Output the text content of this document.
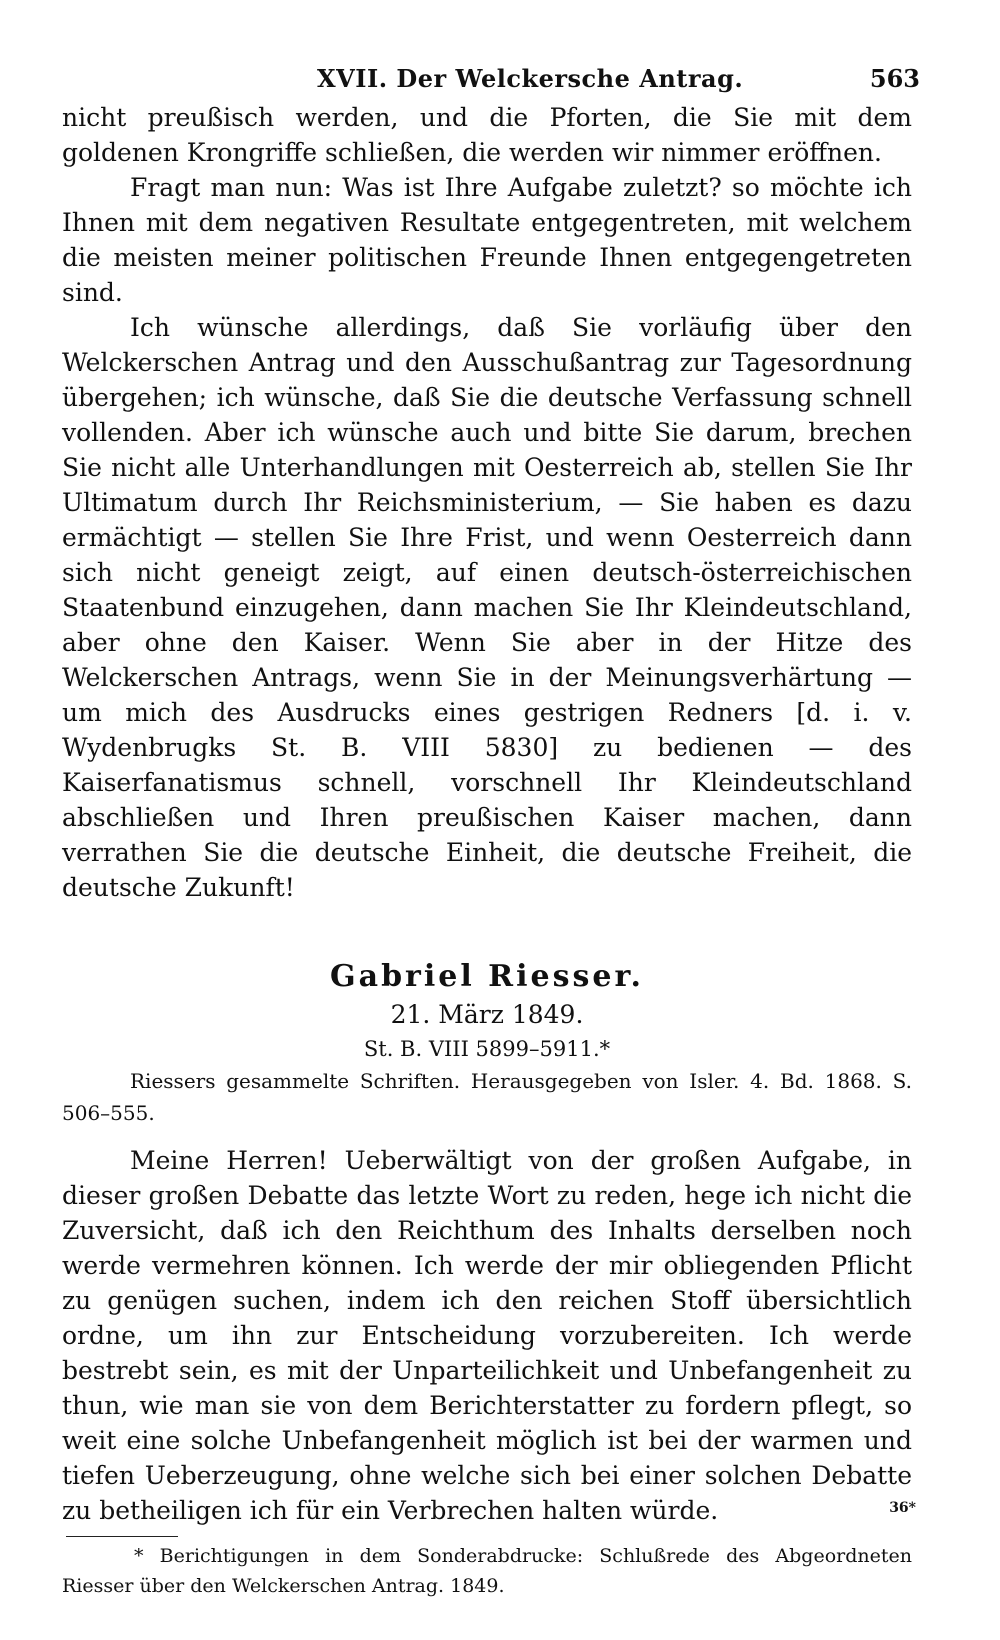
XVII. Der Welckersche Antrag.	563

nicht preußisch werden, und die Pforten, die Sie mit dem goldenen Krongriffe schließen, die werden wir nimmer eröffnen.

Fragt man nun: Was ist Ihre Aufgabe zuletzt? so möchte ich Ihnen mit dem negativen Resultate entgegentreten, mit welchem die meisten meiner politischen Freunde Ihnen entgegengetreten sind.

Ich wünsche allerdings, daß Sie vorläufig über den Welckerschen Antrag und den Ausschußantrag zur Tagesordnung übergehen; ich wünsche, daß Sie die deutsche Verfassung schnell vollenden. Aber ich wünsche auch und bitte Sie darum, brechen Sie nicht alle Unterhandlungen mit Oesterreich ab, stellen Sie Ihr Ultimatum durch Ihr Reichsministerium, — Sie haben es dazu ermächtigt — stellen Sie Ihre Frist, und wenn Oesterreich dann sich nicht geneigt zeigt, auf einen deutsch-österreichischen Staatenbund einzugehen, dann machen Sie Ihr Kleindeutschland, aber ohne den Kaiser. Wenn Sie aber in der Hitze des Welckerschen Antrags, wenn Sie in der Meinungsverhärtung — um mich des Ausdrucks eines gestrigen Redners [d. i. v. Wydenbrugks St. B. VIII 5830] zu bedienen — des Kaiserfanatismus schnell, vorschnell Ihr Kleindeutschland abschließen und Ihren preußischen Kaiser machen, dann verrathen Sie die deutsche Einheit, die deutsche Freiheit, die deutsche Zukunft!

Gabriel Riesser.

21. März 1849.

St. B. VIII 5899–5911.*

Riessers gesammelte Schriften. Herausgegeben von Isler. 4. Bd. 1868. S. 506–555.

Meine Herren! Ueberwältigt von der großen Aufgabe, in dieser großen Debatte das letzte Wort zu reden, hege ich nicht die Zuversicht, daß ich den Reichthum des Inhalts derselben noch werde vermehren können. Ich werde der mir obliegenden Pflicht zu genügen suchen, indem ich den reichen Stoff übersichtlich ordne, um ihn zur Entscheidung vorzubereiten. Ich werde bestrebt sein, es mit der Unparteilichkeit und Unbefangenheit zu thun, wie man sie von dem Berichterstatter zu fordern pflegt, so weit eine solche Unbefangenheit möglich ist bei der warmen und tiefen Ueberzeugung, ohne welche sich bei einer solchen Debatte zu betheiligen ich für ein Verbrechen halten würde.

* Berichtigungen in dem Sonderabdrucke: Schlußrede des Abgeordneten Riesser über den Welckerschen Antrag. 1849.

36*
